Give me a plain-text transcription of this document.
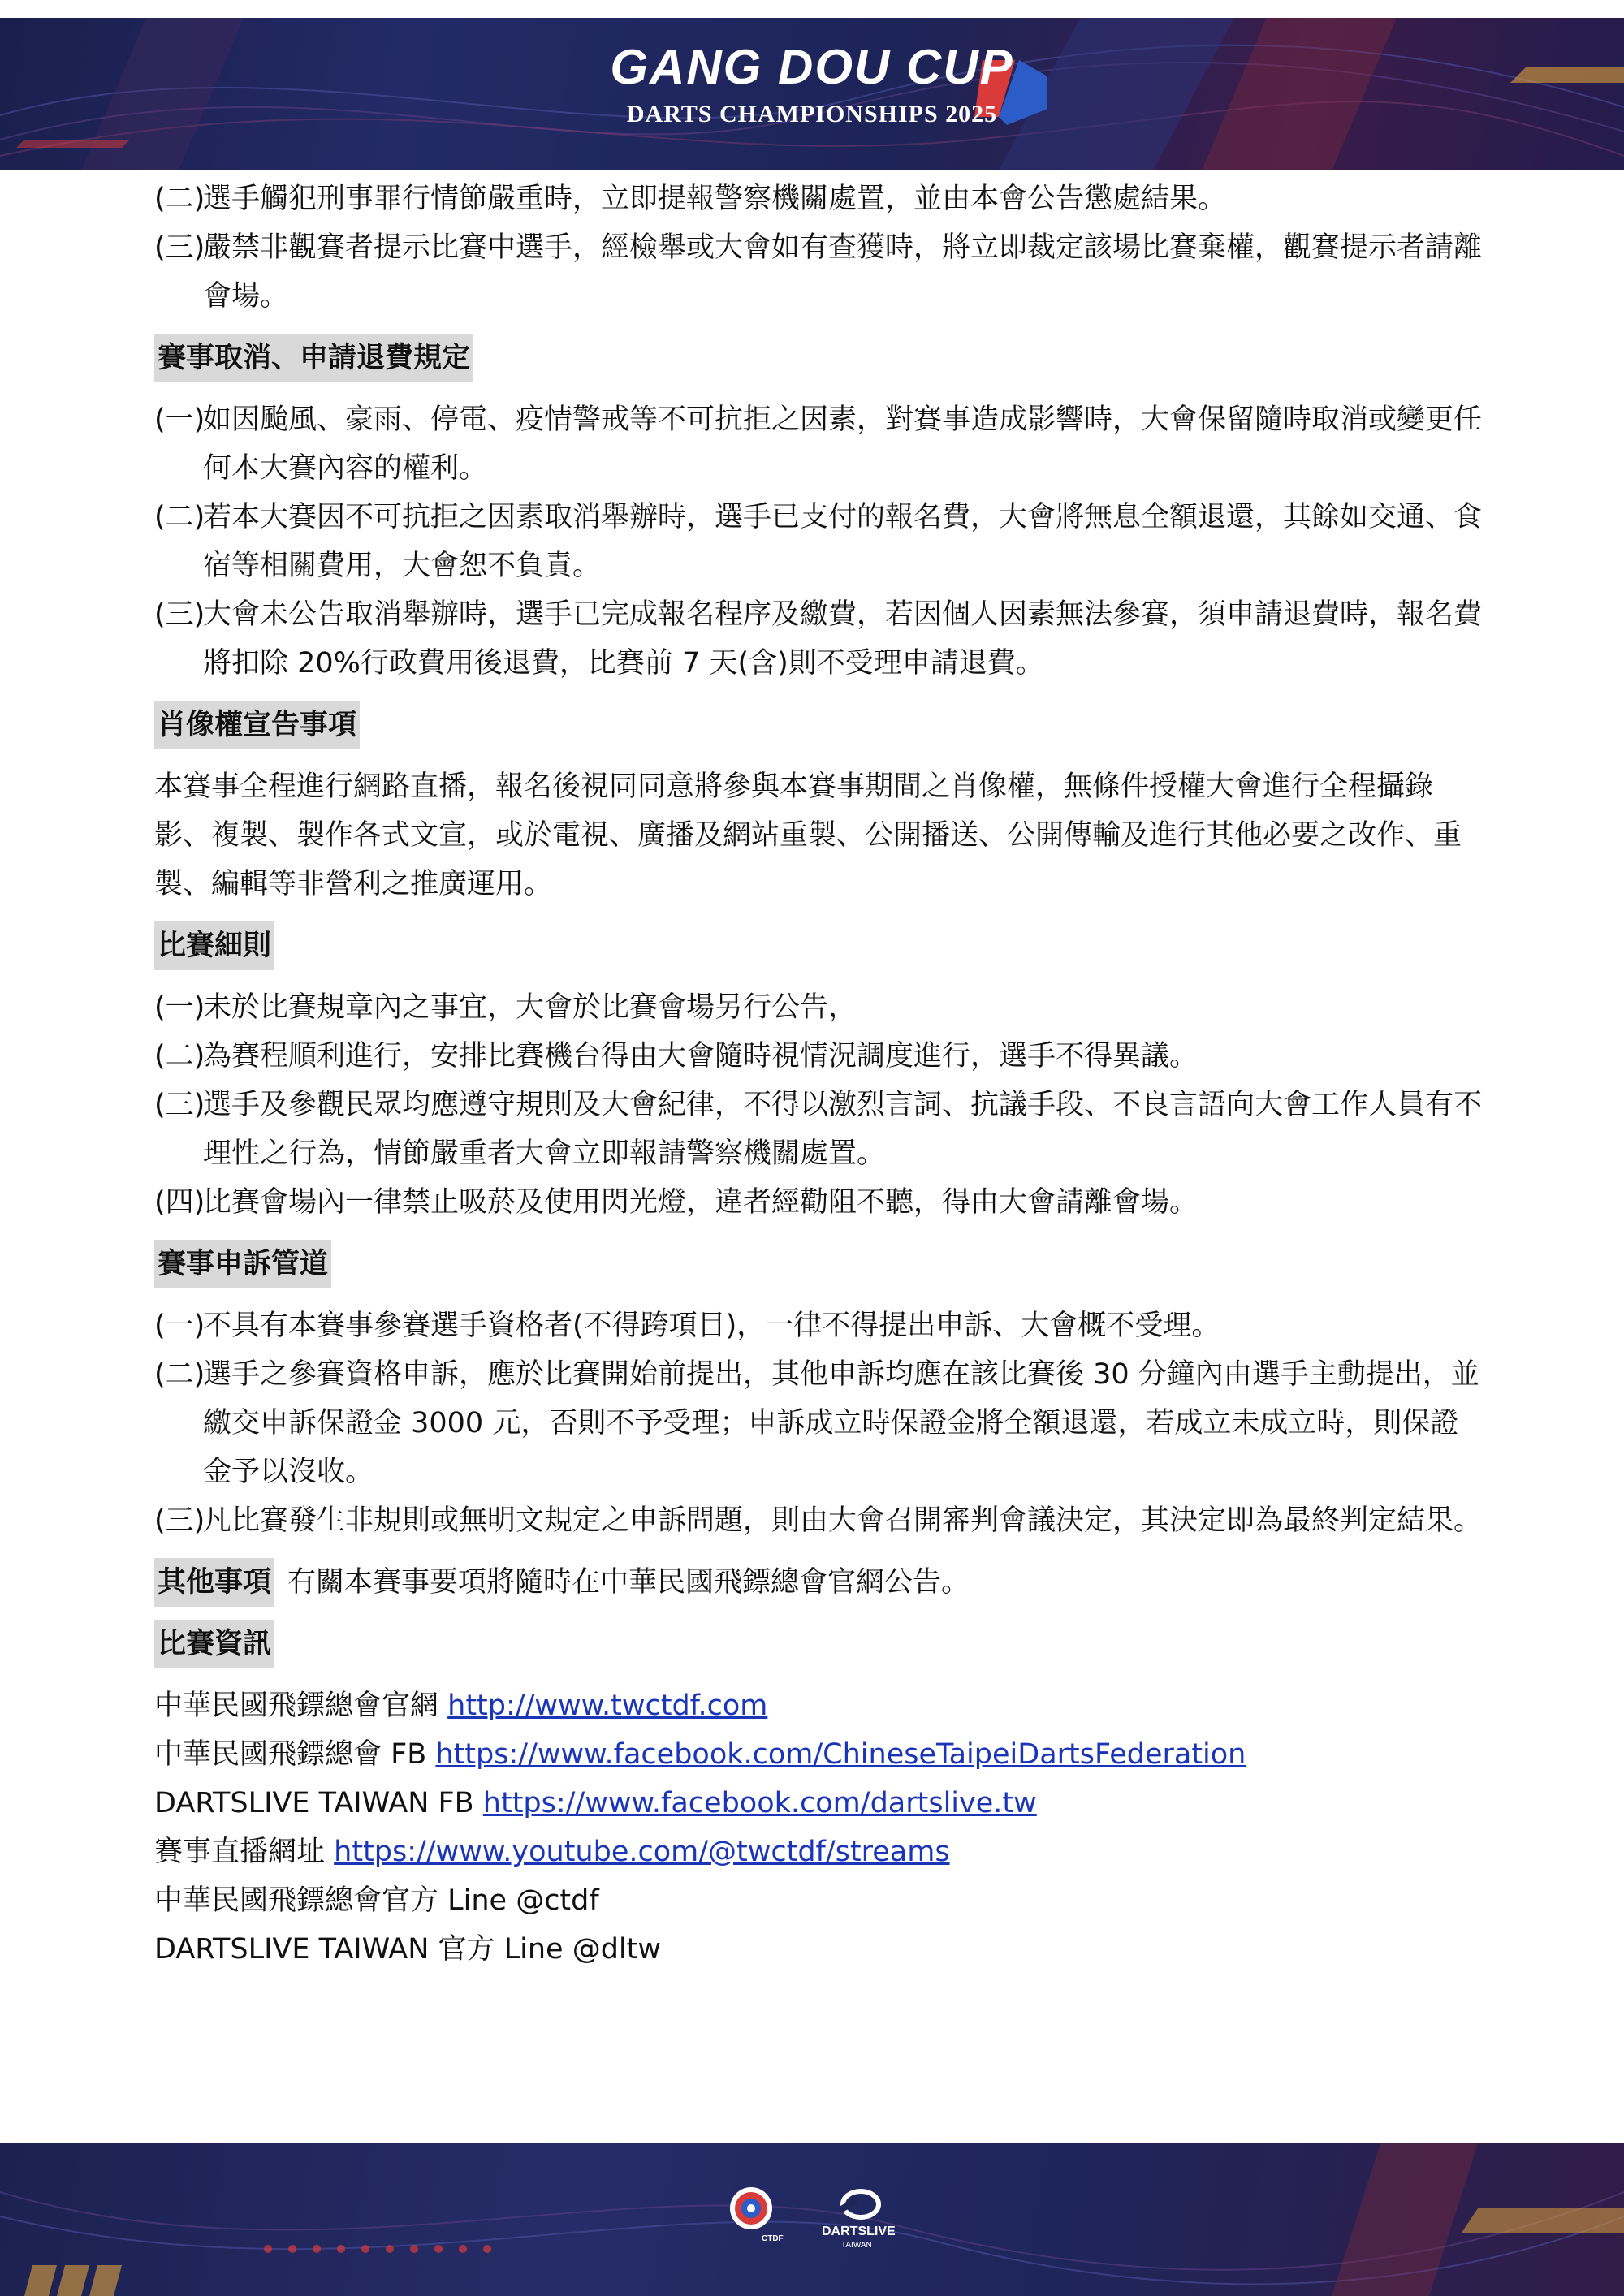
GANG DOU CUP
DARTS CHAMPIONSHIPS 2025
(二)
選手觸犯刑事罪行情節嚴重時，立即提報警察機關處置，並由本會公告懲處結果。
(三)
嚴禁非觀賽者提示比賽中選手，經檢舉或大會如有查獲時，將立即裁定該場比賽棄權，觀賽提示者請離會場。
賽事取消、申請退費規定
(一)
如因颱風、豪雨、停電、疫情警戒等不可抗拒之因素，對賽事造成影響時，大會保留隨時取消或變更任何本大賽內容的權利。
(二)
若本大賽因不可抗拒之因素取消舉辦時，選手已支付的報名費，大會將無息全額退還，其餘如交通、食宿等相關費用，大會恕不負責。
(三)
大會未公告取消舉辦時，選手已完成報名程序及繳費，若因個人因素無法參賽，須申請退費時，報名費將扣除 20%行政費用後退費，比賽前 7 天(含)則不受理申請退費。
肖像權宣告事項

本賽事全程進行網路直播，報名後視同同意將參與本賽事期間之肖像權，無條件授權大會進行全程攝錄影、複製、製作各式文宣，或於電視、廣播及網站重製、公開播送、公開傳輸及進行其他必要之改作、重製、編輯等非營利之推廣運用。

比賽細則
(一)
未於比賽規章內之事宜，大會於比賽會場另行公告，
(二)
為賽程順利進行，安排比賽機台得由大會隨時視情況調度進行，選手不得異議。
(三)
選手及參觀民眾均應遵守規則及大會紀律，不得以激烈言詞、抗議手段、不良言語向大會工作人員有不理性之行為，情節嚴重者大會立即報請警察機關處置。
(四)
比賽會場內一律禁止吸菸及使用閃光燈，違者經勸阻不聽，得由大會請離會場。
賽事申訴管道
(一)
不具有本賽事參賽選手資格者(不得跨項目)，一律不得提出申訴、大會概不受理。
(二)
選手之參賽資格申訴，應於比賽開始前提出，其他申訴均應在該比賽後 30 分鐘內由選手主動提出，並繳交申訴保證金 3000 元，否則不予受理；申訴成立時保證金將全額退還，若成立未成立時，則保證金予以沒收。
(三)
凡比賽發生非規則或無明文規定之申訴問題，則由大會召開審判會議決定，其決定即為最終判定結果。
其他事項 有關本賽事要項將隨時在中華民國飛鏢總會官網公告。
比賽資訊
中華民國飛鏢總會官網 http://www.twctdf.com
中華民國飛鏢總會 FB https://www.facebook.com/ChineseTaipeiDartsFederation
DARTSLIVE TAIWAN FB https://www.facebook.com/dartslive.tw
賽事直播網址 https://www.youtube.com/@twctdf/streams
中華民國飛鏢總會官方 Line @ctdf
DARTSLIVE TAIWAN 官方 Line @dltw
CTDF
DARTSLIVE
TAIWAN
